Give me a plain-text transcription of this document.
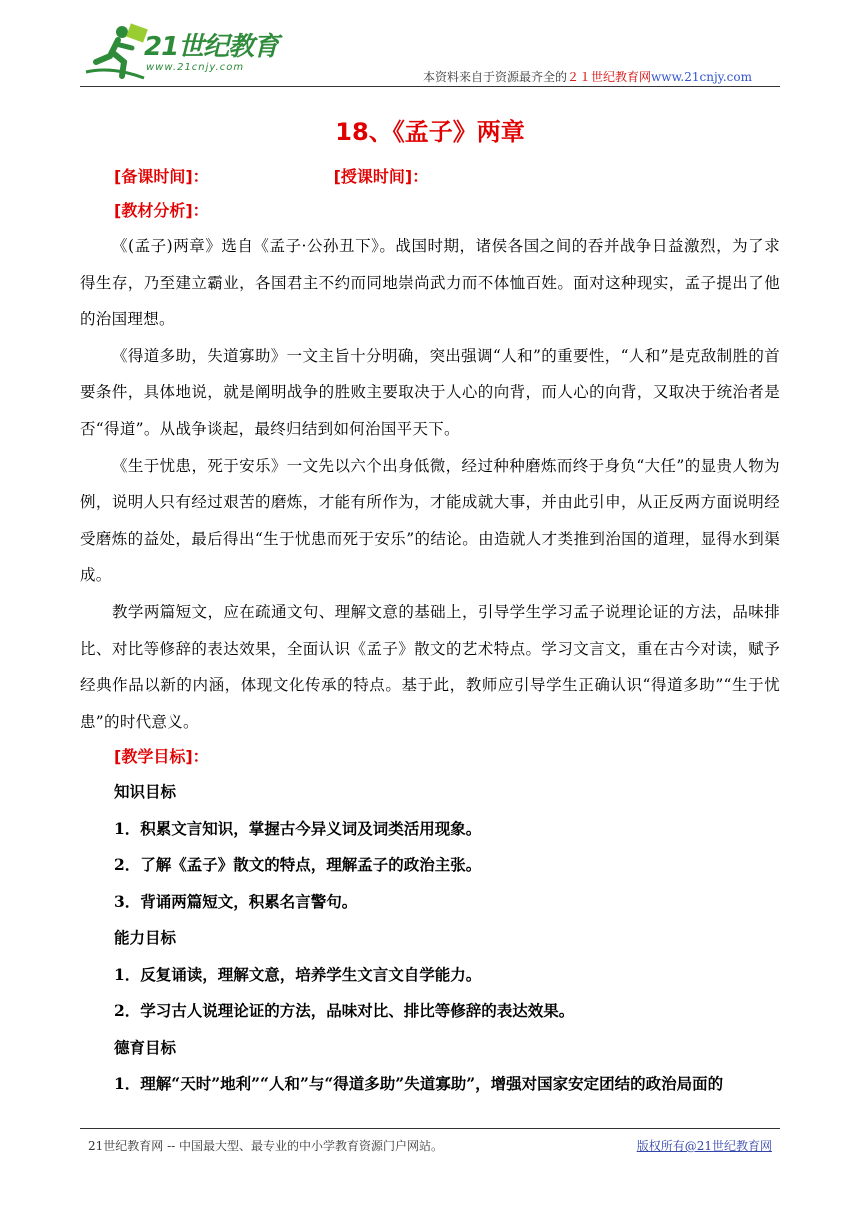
21世纪教育
www.21cnjy.com
本资料来自于资源最齐全的２１世纪教育网www.21cnjy.com
18、《孟子》两章
[备课时间]：	[授课时间]：
[教材分析]：

《(孟子)两章》选自《孟子·公孙丑下》。战国时期，诸侯各国之间的吞并战争日益激烈，为了求得生存，乃至建立霸业，各国君主不约而同地崇尚武力而不体恤百姓。面对这种现实，孟子提出了他的治国理想。

《得道多助，失道寡助》一文主旨十分明确，突出强调“人和”的重要性，“人和”是克敌制胜的首要条件，具体地说，就是阐明战争的胜败主要取决于人心的向背，而人心的向背，又取决于统治者是否“得道”。从战争谈起，最终归结到如何治国平天下。

《生于忧患，死于安乐》一文先以六个出身低微，经过种种磨炼而终于身负“大任”的显贵人物为例，说明人只有经过艰苦的磨炼，才能有所作为，才能成就大事，并由此引申，从正反两方面说明经受磨炼的益处，最后得出“生于忧患而死于安乐”的结论。由造就人才类推到治国的道理，显得水到渠成。

教学两篇短文，应在疏通文句、理解文意的基础上，引导学生学习孟子说理论证的方法，品味排比、对比等修辞的表达效果，全面认识《孟子》散文的艺术特点。学习文言文，重在古今对读，赋予经典作品以新的内涵，体现文化传承的特点。基于此，教师应引导学生正确认识“得道多助”“生于忧患”的时代意义。

[教学目标]：
知识目标
1．积累文言知识，掌握古今异义词及词类活用现象。
2．了解《孟子》散文的特点，理解孟子的政治主张。
3．背诵两篇短文，积累名言警句。
能力目标
1．反复诵读，理解文意，培养学生文言文自学能力。
2．学习古人说理论证的方法，品味对比、排比等修辞的表达效果。
德育目标
1．理解“天时”地利”“人和”与“得道多助”失道寡助”，增强对国家安定团结的政治局面的
21世纪教育网 -- 中国最大型、最专业的中小学教育资源门户网站。	版权所有@21世纪教育网
